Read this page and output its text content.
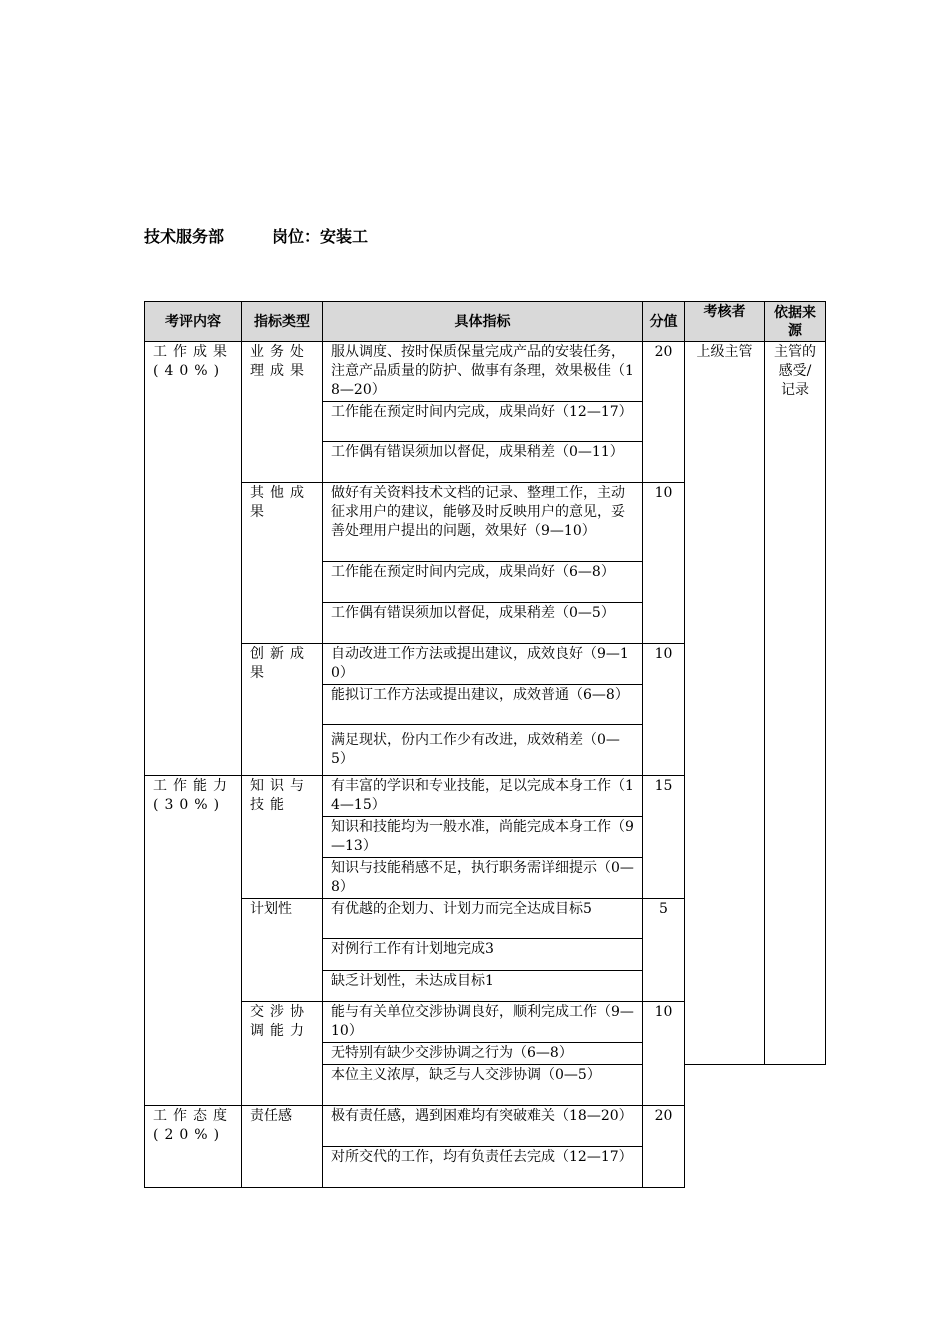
技术服务部	岗位：安装工
考评内容	指标类型	具体指标	分值	考核者	依据来源
工作成果(40%)	业务处理成果	服从调度、按时保质保量完成产品的安装任务，注意产品质量的防护、做事有条理，效果极佳（18—20）	20	上级主管	主管的感受/记录
		工作能在预定时间内完成，成果尚好（12—17）			
		工作偶有错误须加以督促，成果稍差（0—11）			
	其他成果	做好有关资料技术文档的记录、整理工作，主动征求用户的建议，能够及时反映用户的意见，妥善处理用户提出的问题，效果好（9—10）	10		
		工作能在预定时间内完成，成果尚好（6—8）			
		工作偶有错误须加以督促，成果稍差（0—5）			
	创新成果	自动改进工作方法或提出建议，成效良好（9—10）	10		
		能拟订工作方法或提出建议，成效普通（6—8）			
		满足现状，份内工作少有改进，成效稍差（0—5）			
工作能力(30%)	知识与技能	有丰富的学识和专业技能，足以完成本身工作（14—15）	15		
		知识和技能均为一般水准，尚能完成本身工作（9—13）			
		知识与技能稍感不足，执行职务需详细提示（0—8）			
	计划性	有优越的企划力、计划力而完全达成目标5	5		
		对例行工作有计划地完成3			
		缺乏计划性，未达成目标1			
	交涉协调能力	能与有关单位交涉协调良好，顺利完成工作（9—10）	10		
		无特别有缺少交涉协调之行为（6—8）			
		本位主义浓厚，缺乏与人交涉协调（0—5）			
工作态度(20%)	责任感	极有责任感，遇到困难均有突破难关（18—20）	20		
		对所交代的工作，均有负责任去完成（12—17）			
